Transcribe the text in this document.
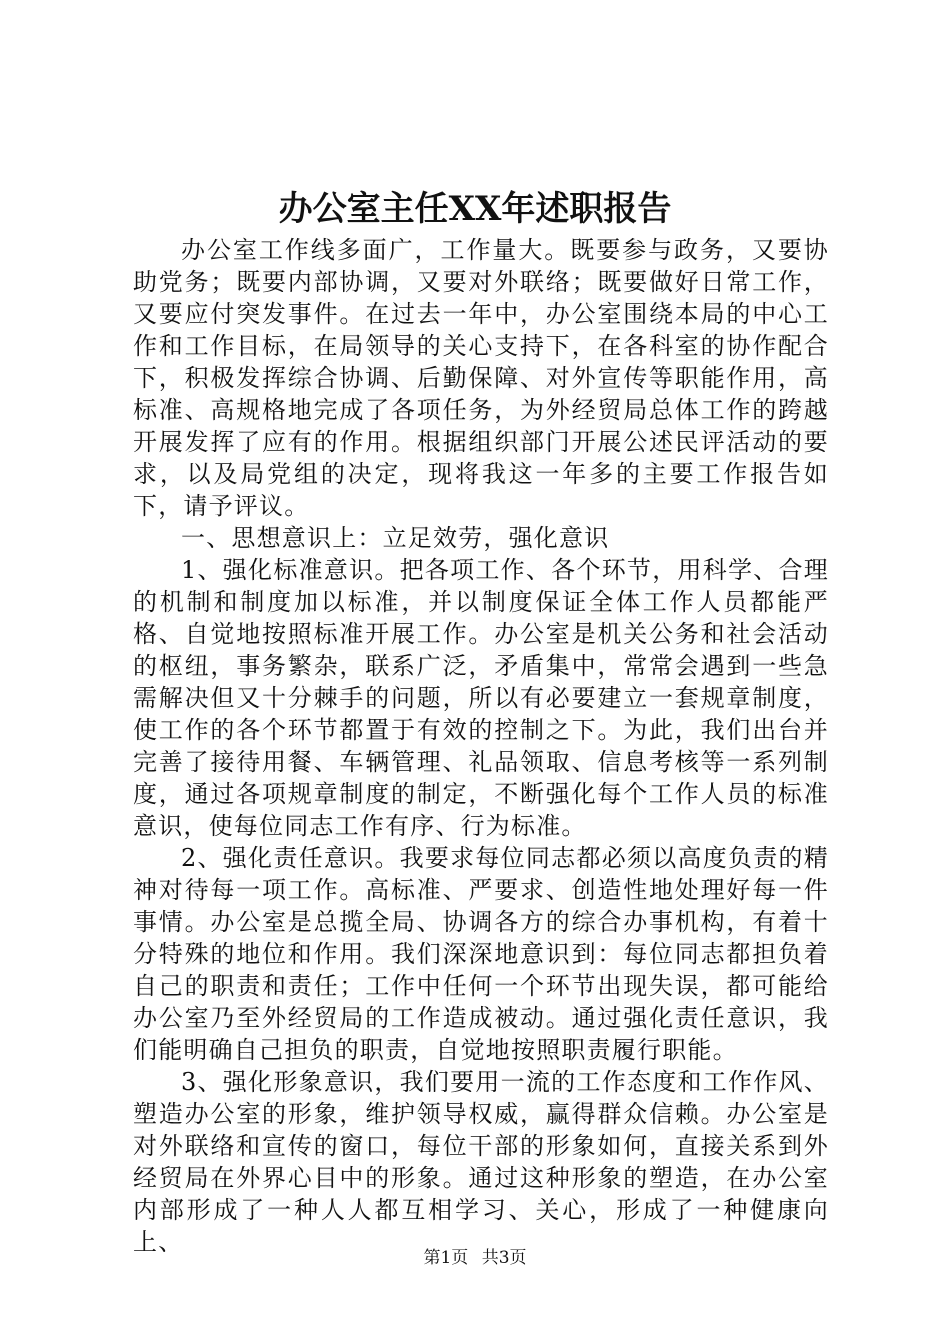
办公室主任XX年述职报告

办公室工作线多面广，工作量大。既要参与政务，又要协助党务；既要内部协调，又要对外联络；既要做好日常工作，又要应付突发事件。在过去一年中，办公室围绕本局的中心工作和工作目标，在局领导的关心支持下，在各科室的协作配合下，积极发挥综合协调、后勤保障、对外宣传等职能作用，高标准、高规格地完成了各项任务，为外经贸局总体工作的跨越开展发挥了应有的作用。根据组织部门开展公述民评活动的要求，以及局党组的决定，现将我这一年多的主要工作报告如下，请予评议。

一、思想意识上：立足效劳，强化意识

1、强化标准意识。把各项工作、各个环节，用科学、合理的机制和制度加以标准，并以制度保证全体工作人员都能严格、自觉地按照标准开展工作。办公室是机关公务和社会活动的枢纽，事务繁杂，联系广泛，矛盾集中，常常会遇到一些急需解决但又十分棘手的问题，所以有必要建立一套规章制度，使工作的各个环节都置于有效的控制之下。为此，我们出台并完善了接待用餐、车辆管理、礼品领取、信息考核等一系列制度，通过各项规章制度的制定，不断强化每个工作人员的标准意识，使每位同志工作有序、行为标准。

2、强化责任意识。我要求每位同志都必须以高度负责的精神对待每一项工作。高标准、严要求、创造性地处理好每一件事情。办公室是总揽全局、协调各方的综合办事机构，有着十分特殊的地位和作用。我们深深地意识到：每位同志都担负着自己的职责和责任；工作中任何一个环节出现失误，都可能给办公室乃至外经贸局的工作造成被动。通过强化责任意识，我们能明确自己担负的职责，自觉地按照职责履行职能。

3、强化形象意识，我们要用一流的工作态度和工作作风、塑造办公室的形象，维护领导权威，赢得群众信赖。办公室是对外联络和宣传的窗口，每位干部的形象如何，直接关系到外经贸局在外界心目中的形象。通过这种形象的塑造，在办公室内部形成了一种人人都互相学习、关心，形成了一种健康向上、

第1页 共3页
